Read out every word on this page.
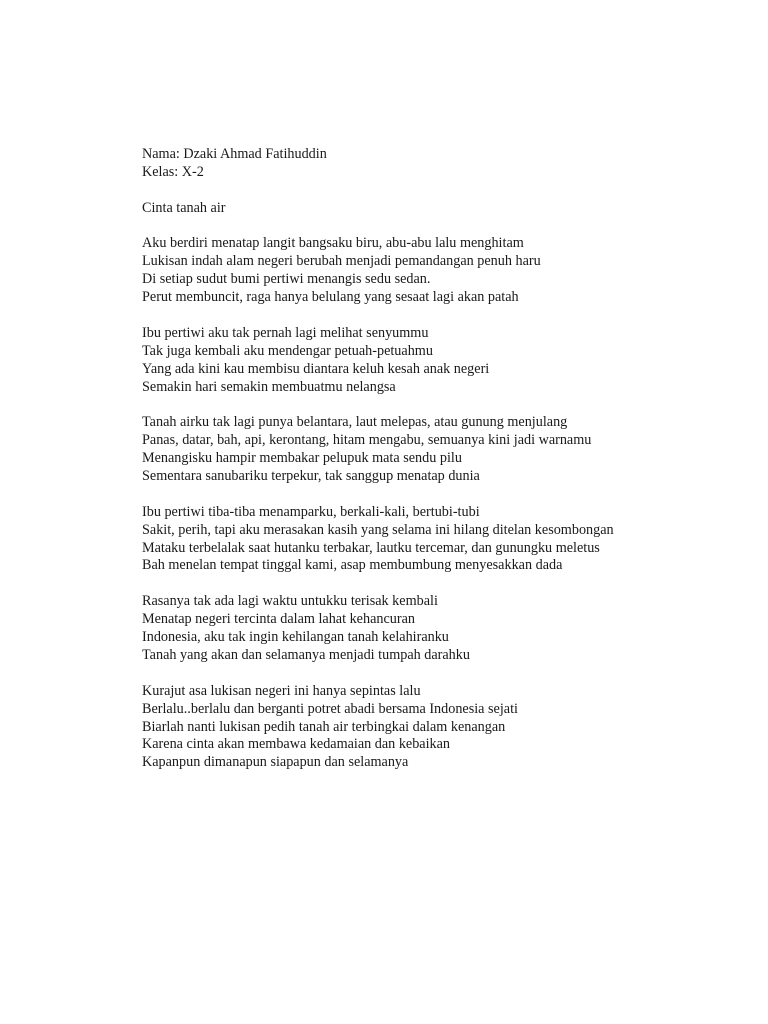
Nama: Dzaki Ahmad Fatihuddin
Kelas: X-2
Cinta tanah air
Aku berdiri menatap langit bangsaku biru, abu-abu lalu menghitam
Lukisan indah alam negeri berubah menjadi pemandangan penuh haru
Di setiap sudut bumi pertiwi menangis sedu sedan.
Perut membuncit, raga hanya belulang yang sesaat lagi akan patah
Ibu pertiwi aku tak pernah lagi melihat senyummu
Tak juga kembali aku mendengar petuah-petuahmu
Yang ada kini kau membisu diantara keluh kesah anak negeri
Semakin hari semakin membuatmu nelangsa
Tanah airku tak lagi punya belantara, laut melepas, atau gunung menjulang
Panas, datar, bah, api, kerontang, hitam mengabu, semuanya kini jadi warnamu
Menangisku hampir membakar pelupuk mata sendu pilu
Sementara sanubariku terpekur, tak sanggup menatap dunia
Ibu pertiwi tiba-tiba menamparku, berkali-kali, bertubi-tubi
Sakit, perih, tapi aku merasakan kasih yang selama ini hilang ditelan kesombongan
Mataku terbelalak saat hutanku terbakar, lautku tercemar, dan gunungku meletus
Bah menelan tempat tinggal kami, asap membumbung menyesakkan dada
Rasanya tak ada lagi waktu untukku terisak kembali
Menatap negeri tercinta dalam lahat kehancuran
Indonesia, aku tak ingin kehilangan tanah kelahiranku
Tanah yang akan dan selamanya menjadi tumpah darahku
Kurajut asa lukisan negeri ini hanya sepintas lalu
Berlalu..berlalu dan berganti potret abadi bersama Indonesia sejati
Biarlah nanti lukisan pedih tanah air terbingkai dalam kenangan
Karena cinta akan membawa kedamaian dan kebaikan
Kapanpun dimanapun siapapun dan selamanya
